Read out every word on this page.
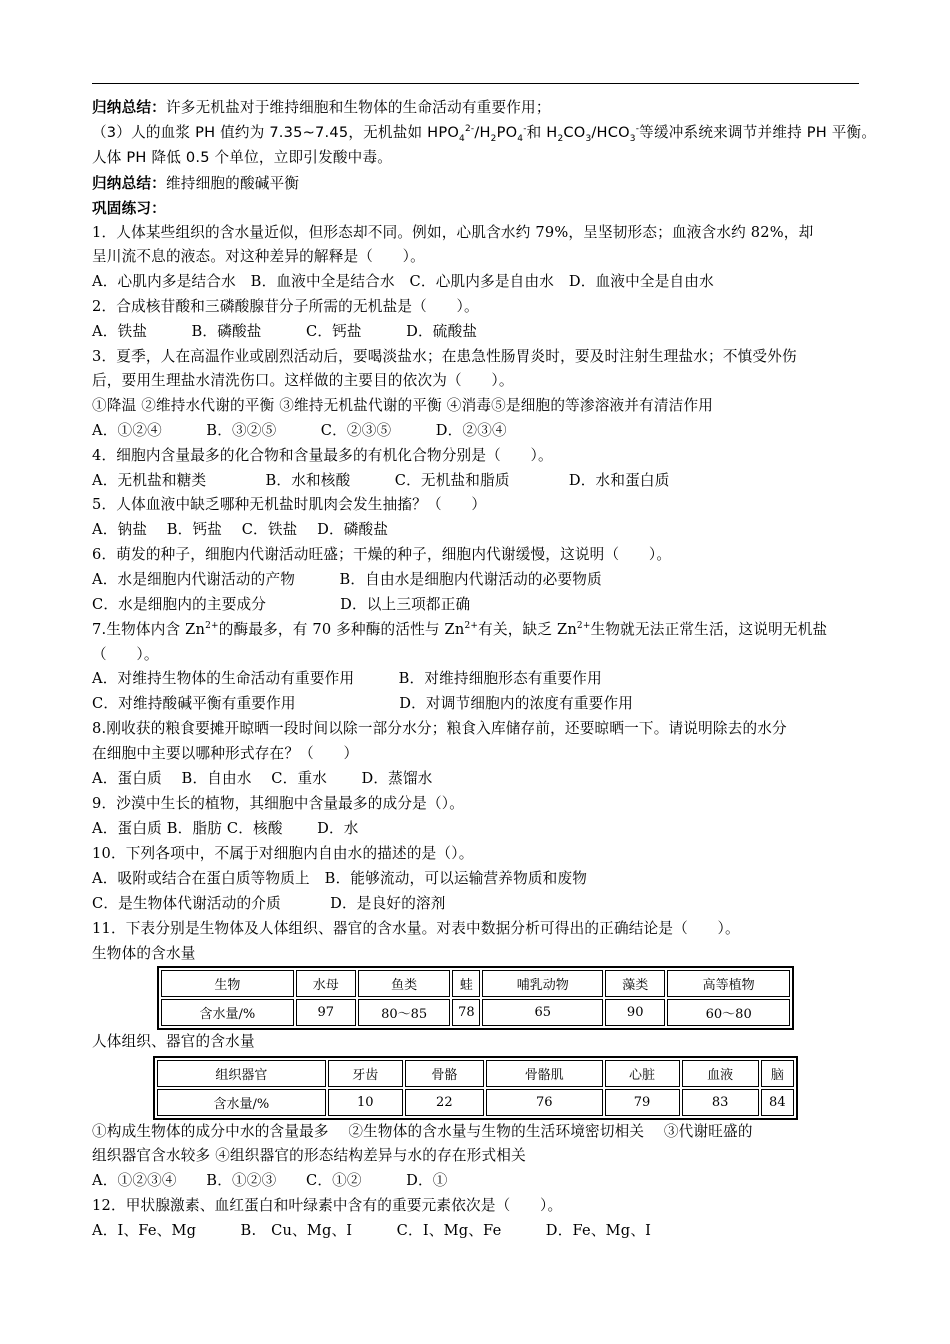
归纳总结：许多无机盐对于维持细胞和生物体的生命活动有重要作用；
（3）人的血浆 PH 值约为 7.35~7.45，无机盐如 $HPO_4^{2-}/H_2PO_4^-$和 $H_2CO_3/HCO_3^-$等缓冲系统来调节并维持 PH 平衡。
人体 PH 降低 0.5 个单位，立即引发酸中毒。
归纳总结：维持细胞的酸碱平衡
巩固练习：
1．人体某些组织的含水量近似，但形态却不同。例如，心肌含水约 79%，呈坚韧形态；血液含水约 82%，却
呈川流不息的液态。对这种差异的解释是（　　）。
A．心肌内多是结合水　B．血液中全是结合水　C．心肌内多是自由水　D．血液中全是自由水
2．合成核苷酸和三磷酸腺苷分子所需的无机盐是（　　）。
A．铁盐　　　B．磷酸盐　　　C．钙盐　　　D．硫酸盐
3．夏季，人在高温作业或剧烈活动后，要喝淡盐水；在患急性肠胃炎时，要及时注射生理盐水；不慎受外伤
后，要用生理盐水清洗伤口。这样做的主要目的依次为（　　）。
①降温 ②维持水代谢的平衡 ③维持无机盐代谢的平衡 ④消毒⑤是细胞的等渗溶液并有清洁作用
A．①②④　　　B．③②⑤　　　C．②③⑤　　　D．②③④
4．细胞内含量最多的化合物和含量最多的有机化合物分别是（　　）。
A．无机盐和糖类　　　　B．水和核酸　　　C．无机盐和脂质　　　　D．水和蛋白质
5．人体血液中缺乏哪种无机盐时肌肉会发生抽搐？（　　）
A．钠盐　 B．钙盐　 C．铁盐　 D．磷酸盐
6．萌发的种子，细胞内代谢活动旺盛；干燥的种子，细胞内代谢缓慢，这说明（　　）。
A．水是细胞内代谢活动的产物　　　B．自由水是细胞内代谢活动的必要物质
C．水是细胞内的主要成分　　　　　D．以上三项都正确
7.生物体内含 $Zn^{2+}$的酶最多，有 70 多种酶的活性与 $Zn^{2+}$有关，缺乏 $Zn^{2+}$生物就无法正常生活，这说明无机盐
（　　）。
A．对维持生物体的生命活动有重要作用　　　B．对维持细胞形态有重要作用
C．对维持酸碱平衡有重要作用　　　　　　　D．对调节细胞内的浓度有重要作用
8.刚收获的粮食要摊开晾晒一段时间以除一部分水分；粮食入库储存前，还要晾晒一下。请说明除去的水分
在细胞中主要以哪种形式存在？（　　）
A．蛋白质　 B．自由水　 C．重水　　 D．蒸馏水
9．沙漠中生长的植物，其细胞中含量最多的成分是（）。
A．蛋白质 B．脂肪 C．核酸　　 D．水
10．下列各项中，不属于对细胞内自由水的描述的是（）。
A．吸附或结合在蛋白质等物质上　B．能够流动，可以运输营养物质和废物
C．是生物体代谢活动的介质　　　 D．是良好的溶剂
11．下表分别是生物体及人体组织、器官的含水量。对表中数据分析可得出的正确结论是（　　）。
生物体的含水量
生物	水母	鱼类	蛙	哺乳动物	藻类	高等植物
含水量/%	97	80～85	78	65	90	60～80
人体组织、器官的含水量
组织器官	牙齿	骨骼	骨骼肌	心脏	血液	脑
含水量/%	10	22	76	79	83	84
①构成生物体的成分中水的含量最多　 ②生物体的含水量与生物的生活环境密切相关　 ③代谢旺盛的
组织器官含水较多 ④组织器官的形态结构差异与水的存在形式相关
A．①②③④　　B．①②③　　C．①②　　　D．①
12．甲状腺激素、血红蛋白和叶绿素中含有的重要元素依次是（　　）。
A．I、Fe、Mg　　　B.　Cu、Mg、I　　　C．I、Mg、Fe　　　D．Fe、Mg、I
